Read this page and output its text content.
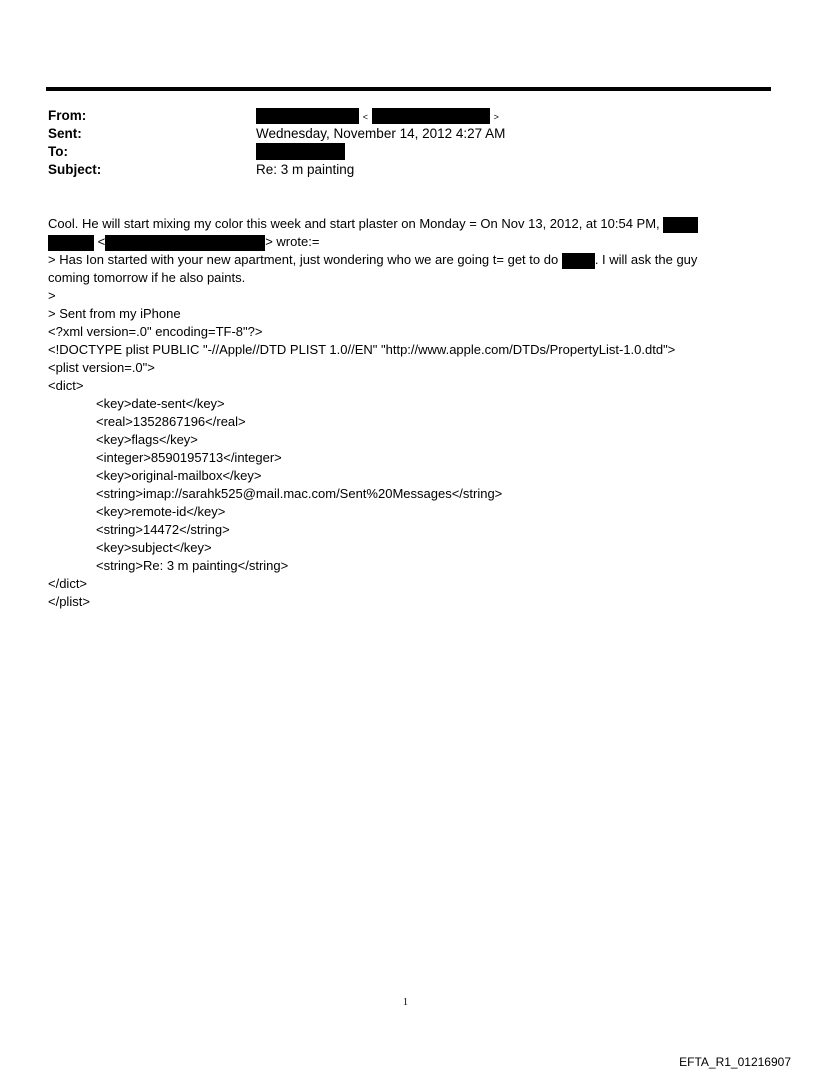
From:	<	>
Sent:	Wednesday, November 14, 2012 4:27 AM
To:
Subject:	Re: 3 m painting
Cool. He will start mixing my color this week and start plaster on Monday = On Nov 13, 2012, at 10:54 PM,
<	> wrote:=
> Has Ion started with your new apartment, just wondering who we are going t= get to do	. I will ask the guy
coming tomorrow if he also paints.
>
> Sent from my iPhone
<?xml version=.0" encoding=TF-8"?>
<!DOCTYPE plist PUBLIC "-//Apple//DTD PLIST 1.0//EN" "http://www.apple.com/DTDs/PropertyList-1.0.dtd">
<plist version=.0">
<dict>
<key>date-sent</key>
<real>1352867196</real>
<key>flags</key>
<integer>8590195713</integer>
<key>original-mailbox</key>
<string>imap://sarahk525@mail.mac.com/Sent%20Messages</string>
<key>remote-id</key>
<string>14472</string>
<key>subject</key>
<string>Re: 3 m painting</string>
</dict>
</plist>
1
EFTA_R1_01216907
